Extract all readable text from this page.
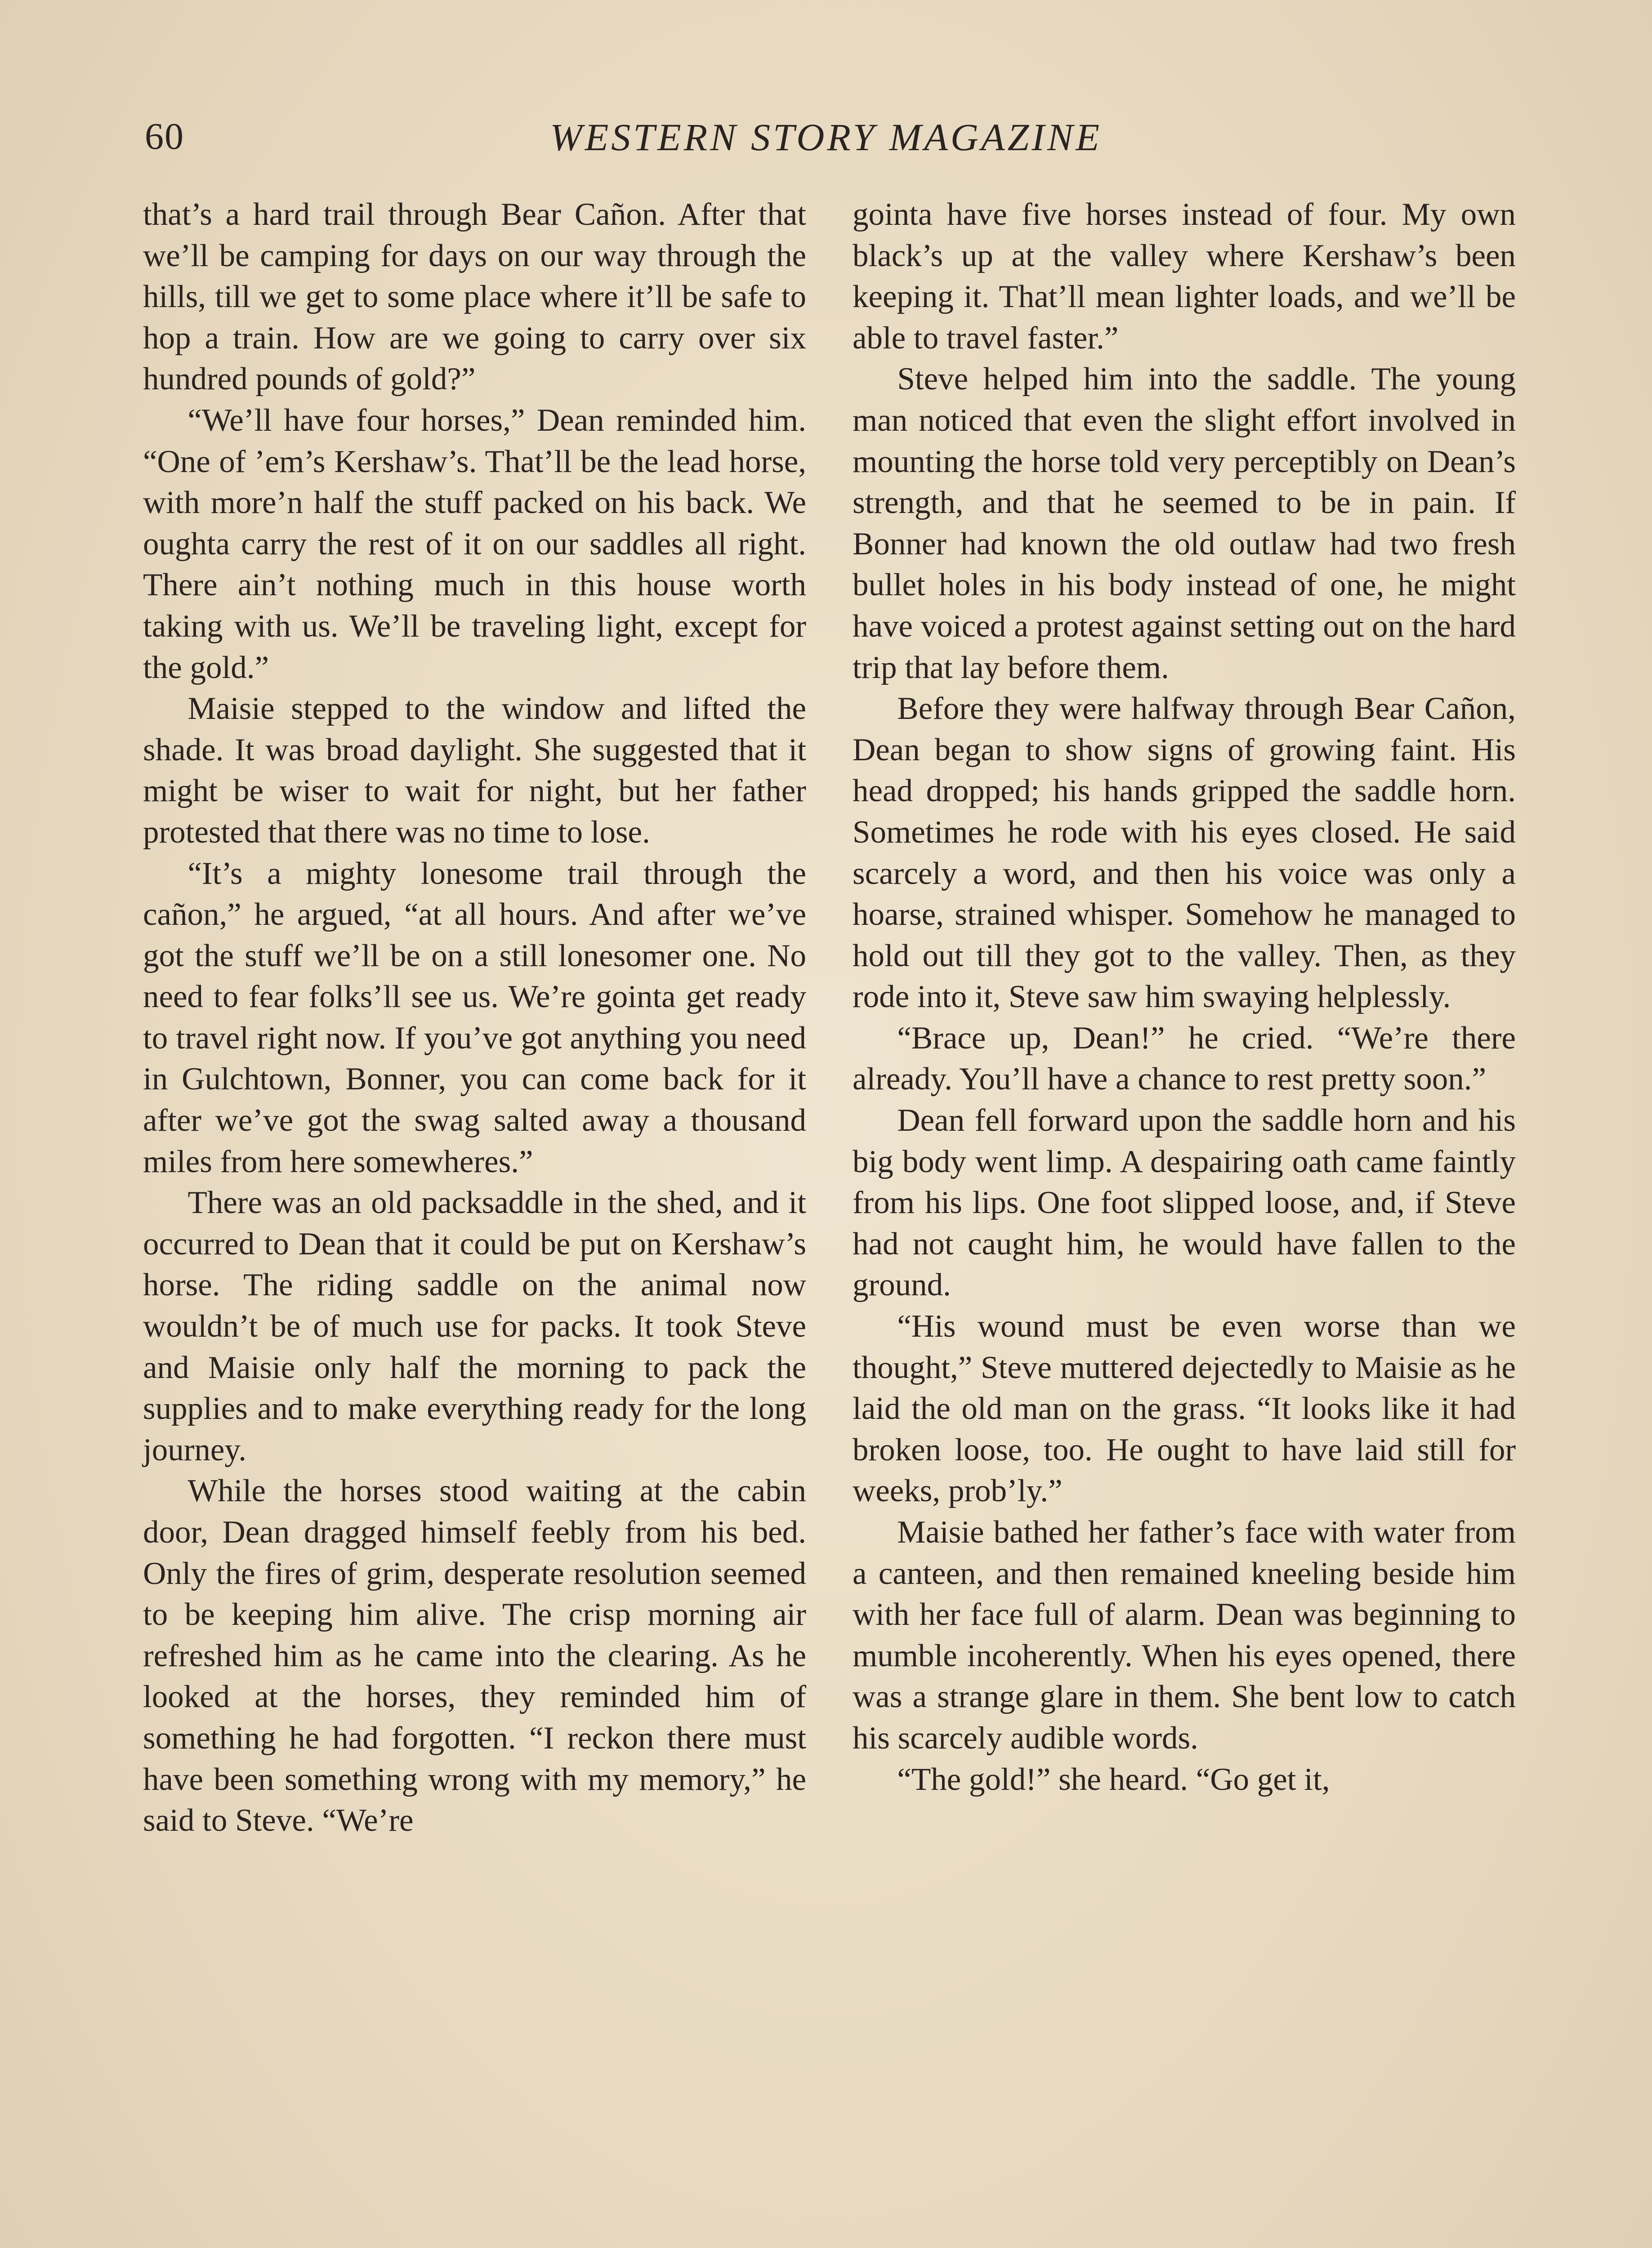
60	WESTERN STORY MAGAZINE

that’s a hard trail through Bear Cañon. After that we’ll be camping for days on our way through the hills, till we get to some place where it’ll be safe to hop a train. How are we going to carry over six hundred pounds of gold?”

“We’ll have four horses,” Dean reminded him. “One of ’em’s Kershaw’s. That’ll be the lead horse, with more’n half the stuff packed on his back. We oughta carry the rest of it on our saddles all right. There ain’t nothing much in this house worth taking with us. We’ll be traveling light, except for the gold.”

Maisie stepped to the window and lifted the shade. It was broad daylight. She suggested that it might be wiser to wait for night, but her father protested that there was no time to lose.

“It’s a mighty lonesome trail through the cañon,” he argued, “at all hours. And after we’ve got the stuff we’ll be on a still lonesomer one. No need to fear folks’ll see us. We’re gointa get ready to travel right now. If you’ve got anything you need in Gulchtown, Bonner, you can come back for it after we’ve got the swag salted away a thousand miles from here somewheres.”

There was an old packsaddle in the shed, and it occurred to Dean that it could be put on Kershaw’s horse. The riding saddle on the animal now wouldn’t be of much use for packs. It took Steve and Maisie only half the morning to pack the supplies and to make everything ready for the long journey.

While the horses stood waiting at the cabin door, Dean dragged himself feebly from his bed. Only the fires of grim, desperate resolution seemed to be keeping him alive. The crisp morning air refreshed him as he came into the clearing. As he looked at the horses, they reminded him of something he had forgotten. “I reckon there must have been something wrong with my memory,” he said to Steve. “We’re

gointa have five horses instead of four. My own black’s up at the valley where Kershaw’s been keeping it. That’ll mean lighter loads, and we’ll be able to travel faster.”

Steve helped him into the saddle. The young man noticed that even the slight effort involved in mounting the horse told very perceptibly on Dean’s strength, and that he seemed to be in pain. If Bonner had known the old outlaw had two fresh bullet holes in his body instead of one, he might have voiced a protest against setting out on the hard trip that lay before them.

Before they were halfway through Bear Cañon, Dean began to show signs of growing faint. His head dropped; his hands gripped the saddle horn. Sometimes he rode with his eyes closed. He said scarcely a word, and then his voice was only a hoarse, strained whisper. Somehow he managed to hold out till they got to the valley. Then, as they rode into it, Steve saw him swaying helplessly.

“Brace up, Dean!” he cried. “We’re there already. You’ll have a chance to rest pretty soon.”

Dean fell forward upon the saddle horn and his big body went limp. A despairing oath came faintly from his lips. One foot slipped loose, and, if Steve had not caught him, he would have fallen to the ground.

“His wound must be even worse than we thought,” Steve muttered dejectedly to Maisie as he laid the old man on the grass. “It looks like it had broken loose, too. He ought to have laid still for weeks, prob’ly.”

Maisie bathed her father’s face with water from a canteen, and then remained kneeling beside him with her face full of alarm. Dean was beginning to mumble incoherently. When his eyes opened, there was a strange glare in them. She bent low to catch his scarcely audible words.

“The gold!” she heard. “Go get it,
